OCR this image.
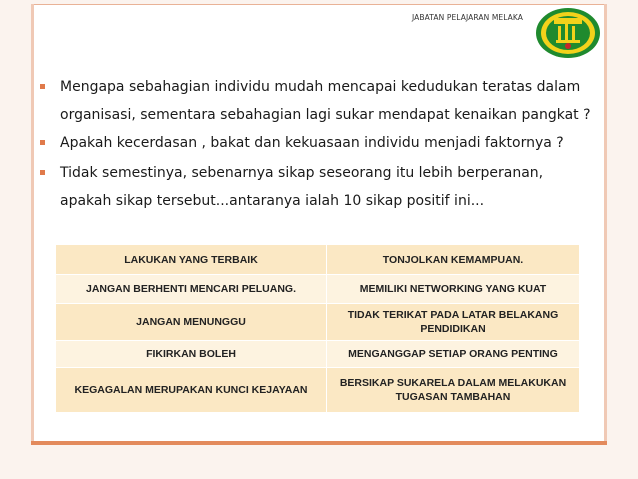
JABATAN PELAJARAN MELAKA
Mengapa sebahagian individu mudah mencapai kedudukan teratas dalam
organisasi, sementara sebahagian lagi sukar mendapat kenaikan pangkat ?
Apakah kecerdasan , bakat dan kekuasaan individu menjadi faktornya ?
Tidak semestinya, sebenarnya sikap seseorang itu lebih berperanan,
apakah sikap tersebut...antaranya ialah 10 sikap positif ini...
LAKUKAN YANG TERBAIK	TONJOLKAN KEMAMPUAN.
JANGAN BERHENTI MENCARI PELUANG.	MEMILIKI NETWORKING YANG KUAT
JANGAN MENUNGGU	TIDAK TERIKAT PADA LATAR BELAKANG PENDIDIKAN
FIKIRKAN BOLEH	MENGANGGAP SETIAP ORANG PENTING
KEGAGALAN MERUPAKAN KUNCI KEJAYAAN	BERSIKAP SUKARELA DALAM MELAKUKAN TUGASAN TAMBAHAN
